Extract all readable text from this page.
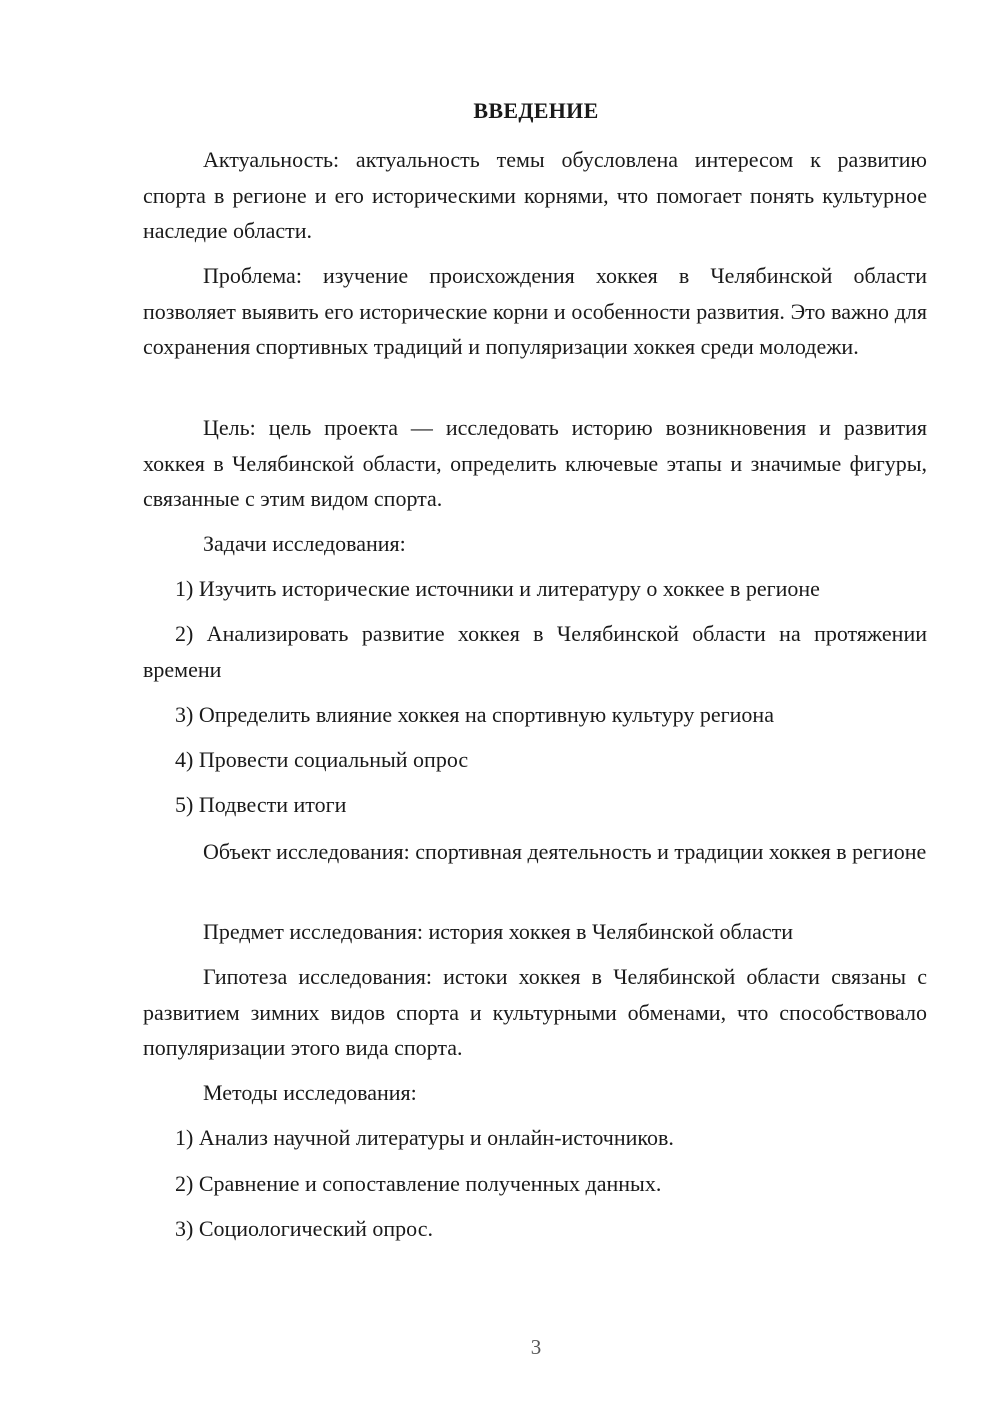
ВВЕДЕНИЕ

Актуальность: актуальность темы обусловлена интересом к развитию спорта в регионе и его историческими корнями, что помогает понять культурное наследие области.

Проблема: изучение происхождения хоккея в Челябинской области позволяет выявить его исторические корни и особенности развития. Это важно для сохранения спортивных традиций и популяризации хоккея среди молодежи.

Цель: цель проекта — исследовать историю возникновения и развития хоккея в Челябинской области, определить ключевые этапы и значимые фигуры, связанные с этим видом спорта.

Задачи исследования:

1) Изучить исторические источники и литературу о хоккее в регионе

2) Анализировать развитие хоккея в Челябинской области на протяжении времени

3) Определить влияние хоккея на спортивную культуру региона

4) Провести социальный опрос

5) Подвести итоги

Объект исследования: спортивная деятельность и традиции хоккея в регионе

Предмет исследования: история хоккея в Челябинской области

Гипотеза исследования: истоки хоккея в Челябинской области связаны с развитием зимних видов спорта и культурными обменами, что способствовало популяризации этого вида спорта.

Методы исследования:

1) Анализ научной литературы и онлайн-источников.

2) Сравнение и сопоставление полученных данных.

3) Социологический опрос.

3
